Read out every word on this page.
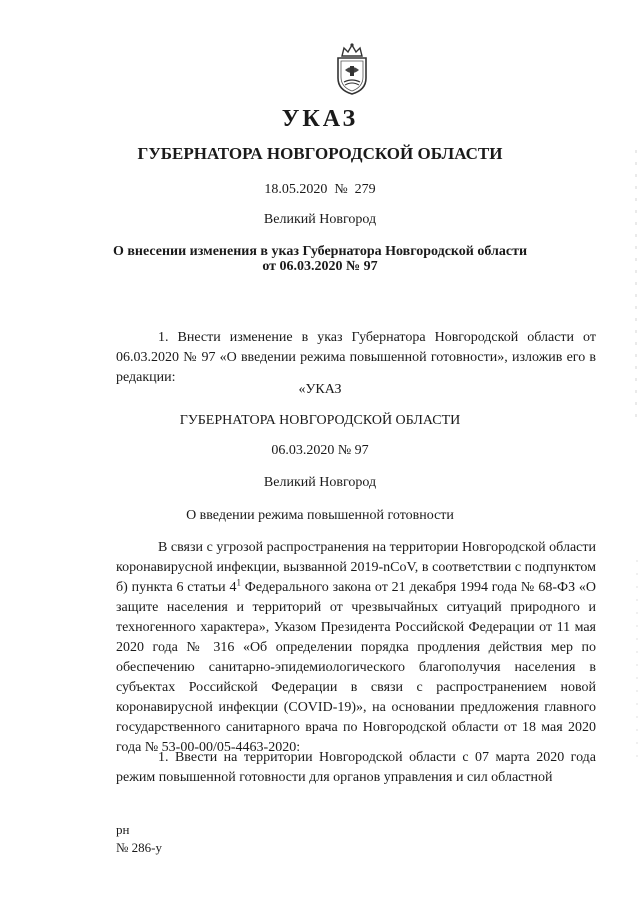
УКАЗ
ГУБЕРНАТОРА НОВГОРОДСКОЙ ОБЛАСТИ
18.05.2020 № 279
Великий Новгород
О внесении изменения в указ Губернатора Новгородской области
от 06.03.2020 № 97
1. Внести изменение в указ Губернатора Новгородской области от 06.03.2020 № 97 «О введении режима повышенной готовности», изложив его в редакции:
«УКАЗ
ГУБЕРНАТОРА НОВГОРОДСКОЙ ОБЛАСТИ
06.03.2020 № 97
Великий Новгород
О введении режима повышенной готовности
В связи с угрозой распространения на территории Новгородской области коронавирусной инфекции, вызванной 2019-nCoV, в соответствии с подпунктом б) пункта 6 статьи $4^1$ Федерального закона от 21 декабря 1994 года № 68-ФЗ «О защите населения и территорий от чрезвычайных ситуаций природного и техногенного характера», Указом Президента Российской Федерации от 11 мая 2020 года № 316 «Об определении порядка продления действия мер по обеспечению санитарно-эпидемиологического благополучия населения в субъектах Российской Федерации в связи с распространением новой коронавирусной инфекции (COVID-19)», на основании предложения главного государственного санитарного врача по Новгородской области от 18 мая 2020 года № 53-00-00/05-4463-2020:
1. Ввести на территории Новгородской области с 07 марта 2020 года режим повышенной готовности для органов управления и сил областной
рн
№ 286-у
